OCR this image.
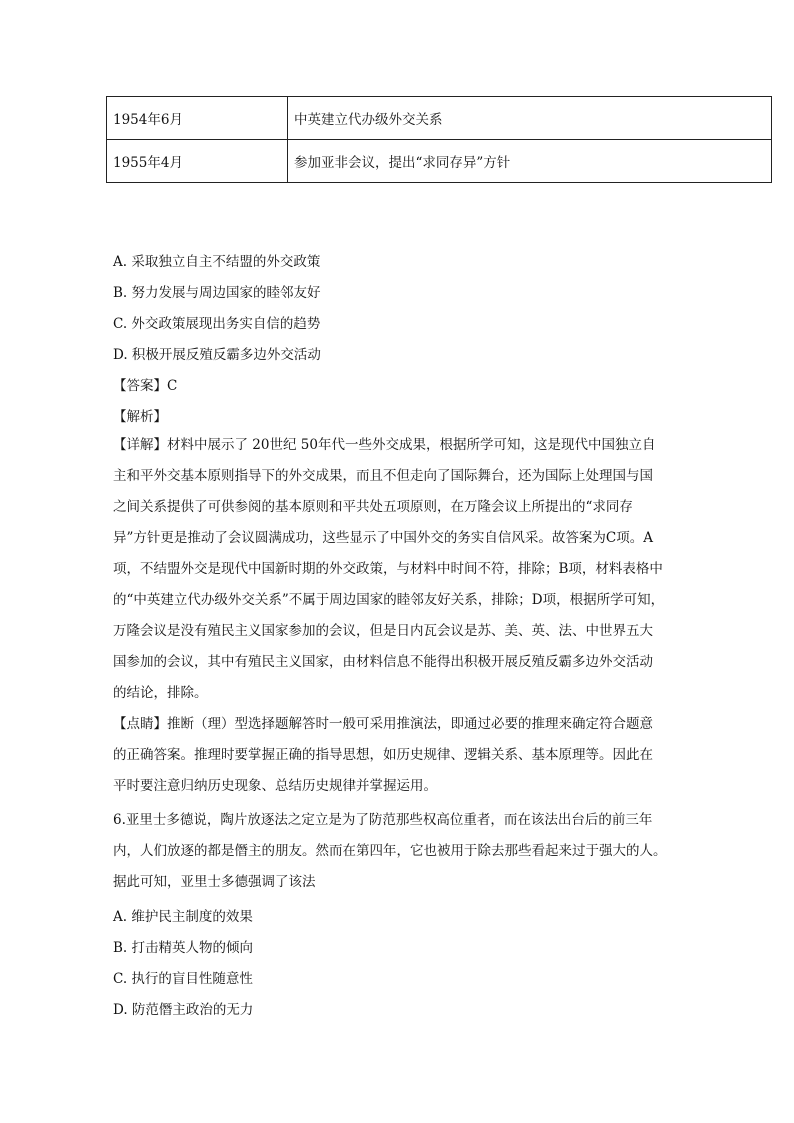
1954年6月	中英建立代办级外交关系
1955年4月	参加亚非会议，提出“求同存异”方针
A. 采取独立自主不结盟的外交政策
B. 努力发展与周边国家的睦邻友好
C. 外交政策展现出务实自信的趋势
D. 积极开展反殖反霸多边外交活动
【答案】C
【解析】

【详解】材料中展示了 20世纪 50年代一些外交成果，根据所学可知，这是现代中国独立自

主和平外交基本原则指导下的外交成果，而且不但走向了国际舞台，还为国际上处理国与国

之间关系提供了可供参阅的基本原则和平共处五项原则，在万隆会议上所提出的“求同存

异”方针更是推动了会议圆满成功，这些显示了中国外交的务实自信风采。故答案为C项。A

项，不结盟外交是现代中国新时期的外交政策，与材料中时间不符，排除；B项，材料表格中

的“中英建立代办级外交关系”不属于周边国家的睦邻友好关系，排除；D项，根据所学可知，

万隆会议是没有殖民主义国家参加的会议，但是日内瓦会议是苏、美、英、法、中世界五大

国参加的会议，其中有殖民主义国家，由材料信息不能得出积极开展反殖反霸多边外交活动

的结论，排除。

【点睛】推断（理）型选择题解答时一般可采用推演法，即通过必要的推理来确定符合题意

的正确答案。推理时要掌握正确的指导思想，如历史规律、逻辑关系、基本原理等。因此在

平时要注意归纳历史现象、总结历史规律并掌握运用。

6.亚里士多德说，陶片放逐法之定立是为了防范那些权高位重者，而在该法出台后的前三年

内，人们放逐的都是僭主的朋友。然而在第四年，它也被用于除去那些看起来过于强大的人。

据此可知，亚里士多德强调了该法

A. 维护民主制度的效果
B. 打击精英人物的倾向
C. 执行的盲目性随意性
D. 防范僭主政治的无力
